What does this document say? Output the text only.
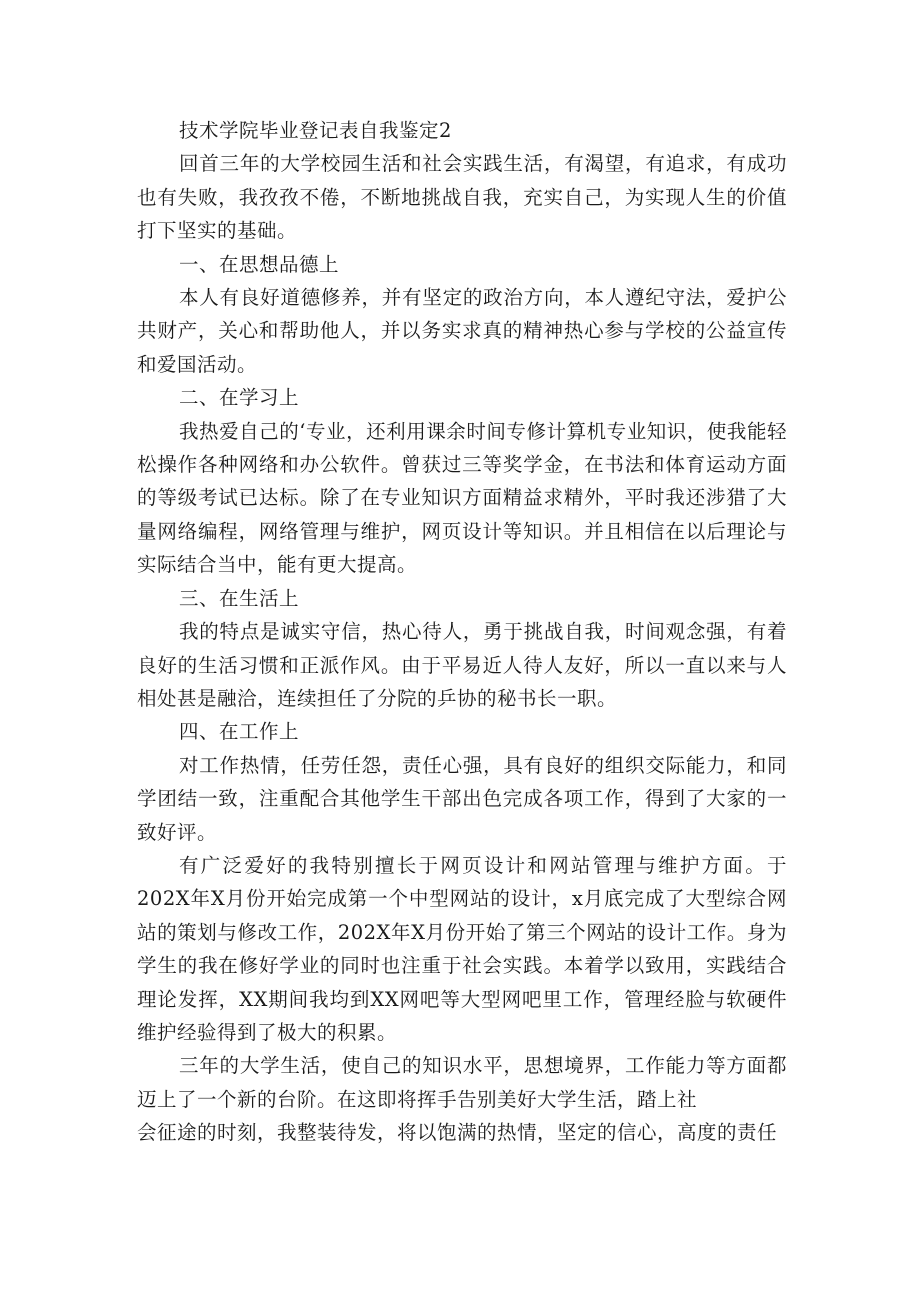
技术学院毕业登记表自我鉴定2

回首三年的大学校园生活和社会实践生活，有渴望，有追求，有成功也有失败，我孜孜不倦，不断地挑战自我，充实自己，为实现人生的价值打下坚实的基础。

一、在思想品德上

本人有良好道德修养，并有坚定的政治方向，本人遵纪守法，爱护公共财产，关心和帮助他人，并以务实求真的精神热心参与学校的公益宣传和爱国活动。

二、在学习上

我热爱自己的‘专业，还利用课余时间专修计算机专业知识，使我能轻松操作各种网络和办公软件。曾获过三等奖学金，在书法和体育运动方面的等级考试已达标。除了在专业知识方面精益求精外，平时我还涉猎了大量网络编程，网络管理与维护，网页设计等知识。并且相信在以后理论与实际结合当中，能有更大提高。

三、在生活上

我的特点是诚实守信，热心待人，勇于挑战自我，时间观念强，有着良好的生活习惯和正派作风。由于平易近人待人友好，所以一直以来与人相处甚是融洽，连续担任了分院的乒协的秘书长一职。

四、在工作上

对工作热情，任劳任怨，责任心强，具有良好的组织交际能力，和同学团结一致，注重配合其他学生干部出色完成各项工作，得到了大家的一致好评。

有广泛爱好的我特别擅长于网页设计和网站管理与维护方面。于202X年X月份开始完成第一个中型网站的设计，x月底完成了大型综合网站的策划与修改工作，202X年X月份开始了第三个网站的设计工作。身为学生的我在修好学业的同时也注重于社会实践。本着学以致用，实践结合理论发挥，XX期间我均到XX网吧等大型网吧里工作，管理经脸与软硬件维护经验得到了极大的积累。

三年的大学生活，使自己的知识水平，思想境界，工作能力等方面都迈上了一个新的台阶。在这即将挥手告别美好大学生活，踏上社

会征途的时刻，我整装待发，将以饱满的热情，坚定的信心，高度的责任
